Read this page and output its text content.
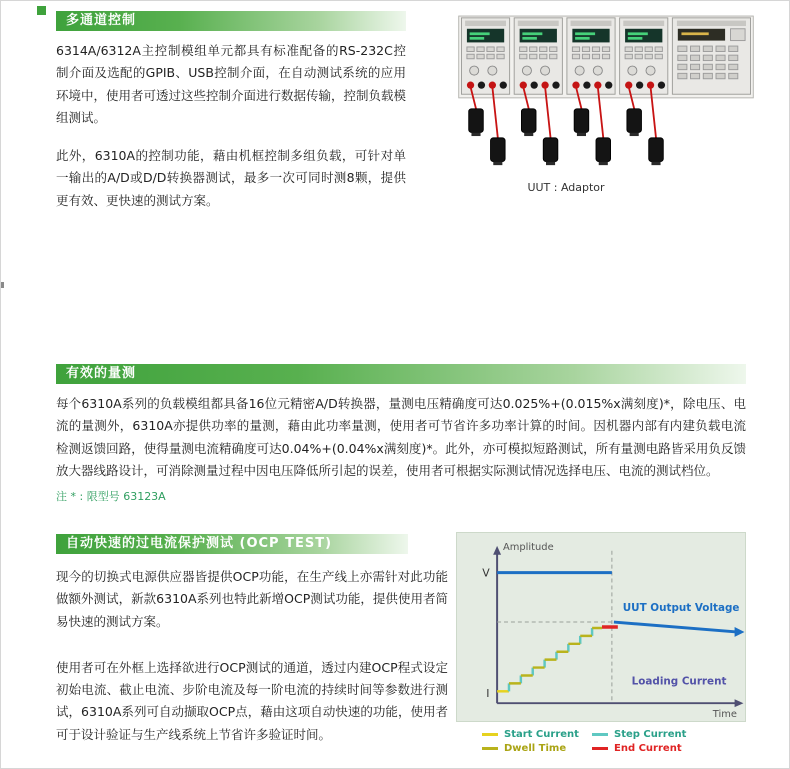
多通道控制

6314A/6312A主控制模组单元都具有标准配备的RS-232C控制介面及选配的GPIB、USB控制介面，在自动测试系统的应用环境中，使用者可透过这些控制介面进行数据传输，控制负载模组测试。

此外，6310A的控制功能，藉由机框控制多组负载，可针对单一输出的A/D或D/D转换器测试，最多一次可同时测8颗，提供更有效、更快速的测试方案。

UUT : Adaptor
有效的量测

每个6310A系列的负载模组都具备16位元精密A/D转换器，量测电压精确度可达0.025%+(0.015%x满刻度)*，除电压、电流的量测外，6310A亦提供功率的量测，藉由此功率量测，使用者可节省许多功率计算的时间。因机器内部有内建负载电流检测返馈回路，使得量测电流精确度可达0.04%+(0.04%x满刻度)*。此外，亦可模拟短路测试，所有量测电路皆采用负反馈放大器线路设计，可消除测量过程中因电压降低所引起的误差，使用者可根据实际测试情况选择电压、电流的测试档位。

注 * : 限型号 63123A

自动快速的过电流保护测试 (OCP TEST)

现今的切换式电源供应器皆提供OCP功能，在生产线上亦需针对此功能做额外测试，新款6310A系列也特此新增OCP测试功能，提供使用者简易快速的测试方案。

使用者可在外框上选择欲进行OCP测试的通道，透过内建OCP程式设定初始电流、截止电流、步阶电流及每一阶电流的持续时间等参数进行测试，6310A系列可自动撷取OCP点，藉由这项自动快速的功能，使用者可于设计验证与生产线系统上节省许多验证时间。

Amplitude
V
I
UUT Output Voltage
Loading Current
Time
Start Current	Step Current
Dwell Time	End Current
